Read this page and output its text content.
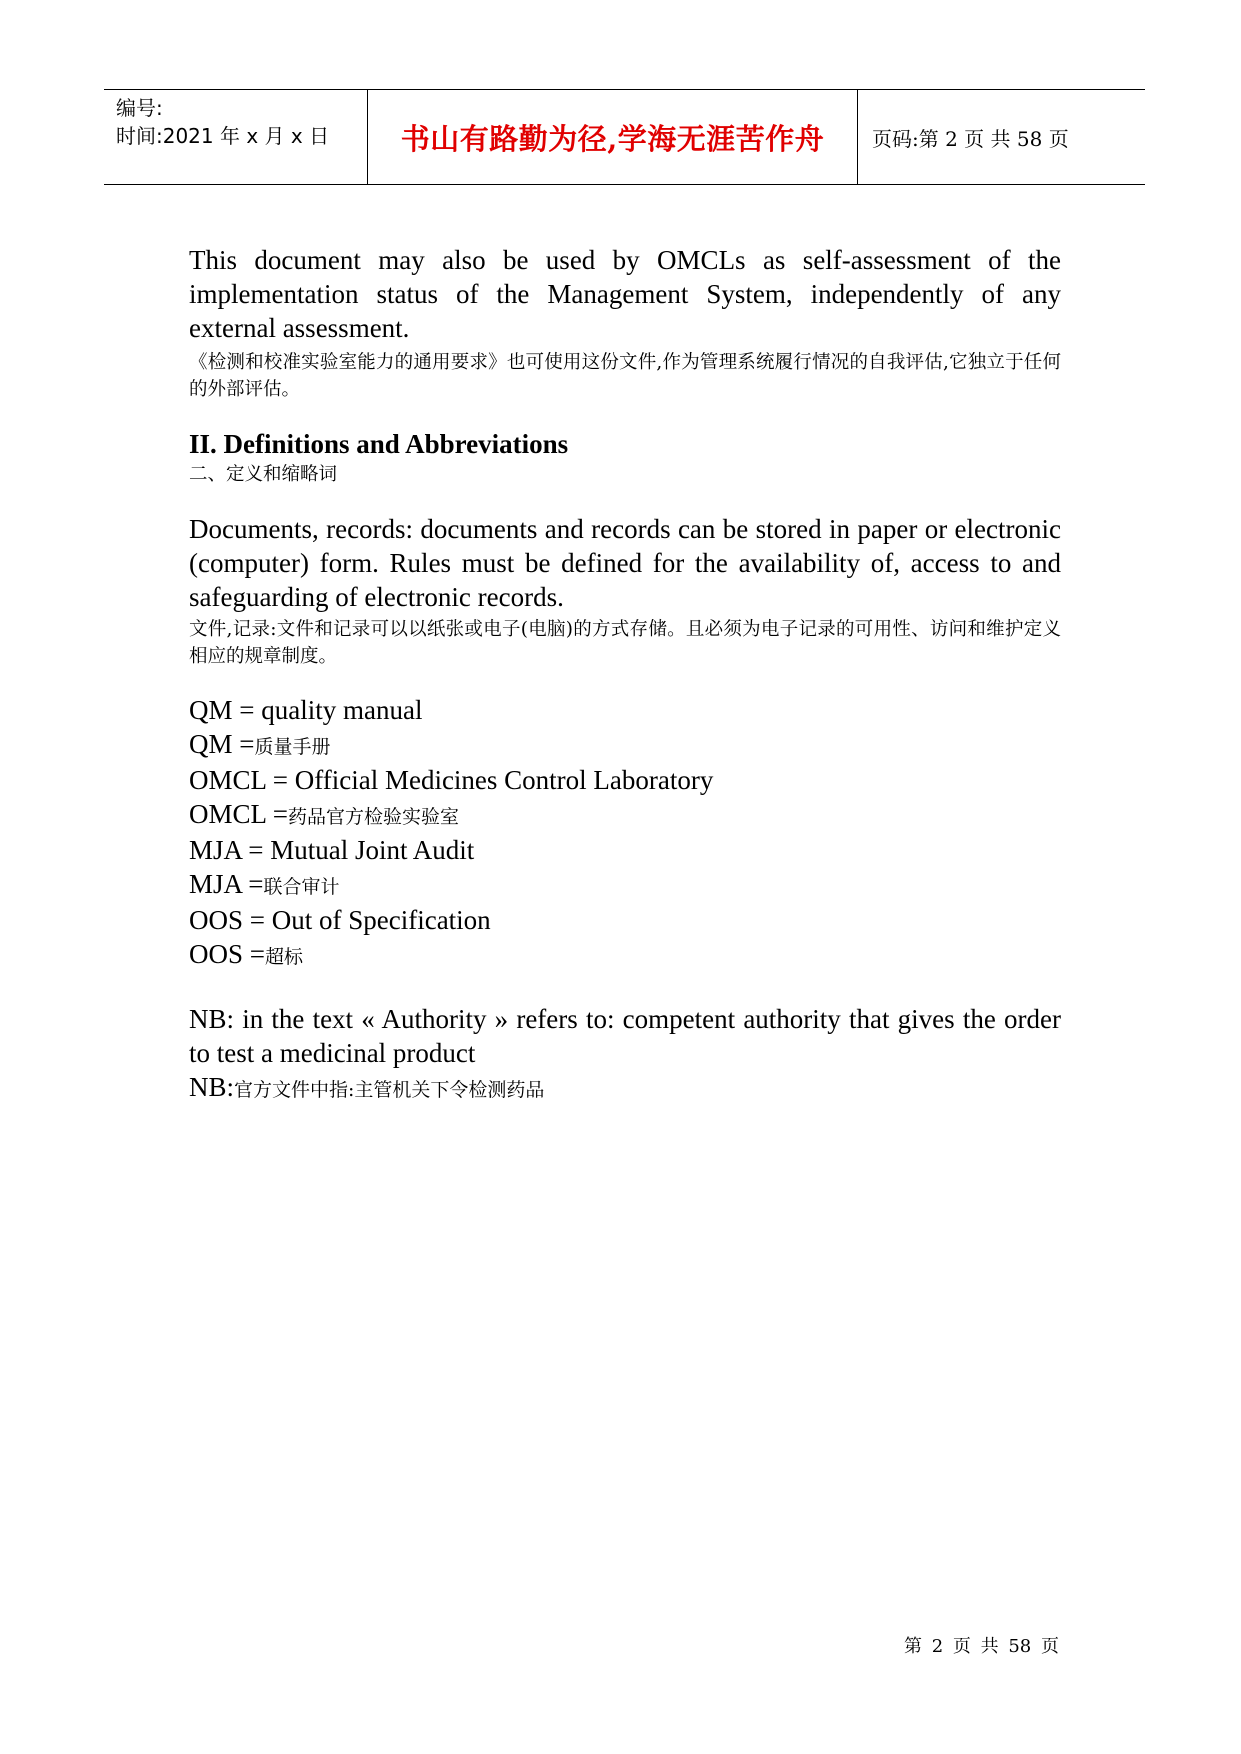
编号:
时间:2021 年 x 月 x 日 书山有路勤为径,学海无涯苦作舟 页码:第 2 页 共 58 页

This document may also be used by OMCLs as self-assessment of the implementation status of the Management System, independently of any external assessment.

《检测和校准实验室能力的通用要求》也可使用这份文件,作为管理系统履行情况的自我评估,它独立于任何的外部评估。

II. Definitions and Abbreviations

二、定义和缩略词

Documents, records: documents and records can be stored in paper or electronic (computer) form. Rules must be defined for the availability of, access to and safeguarding of electronic records.

文件,记录:文件和记录可以以纸张或电子(电脑)的方式存储。且必须为电子记录的可用性、访问和维护定义相应的规章制度。

QM = quality manual

QM =质量手册

OMCL = Official Medicines Control Laboratory

OMCL =药品官方检验实验室

MJA = Mutual Joint Audit

MJA =联合审计

OOS = Out of Specification

OOS =超标

NB: in the text « Authority » refers to: competent authority that gives the order to test a medicinal product

NB:官方文件中指:主管机关下令检测药品

第 2 页 共 58 页
